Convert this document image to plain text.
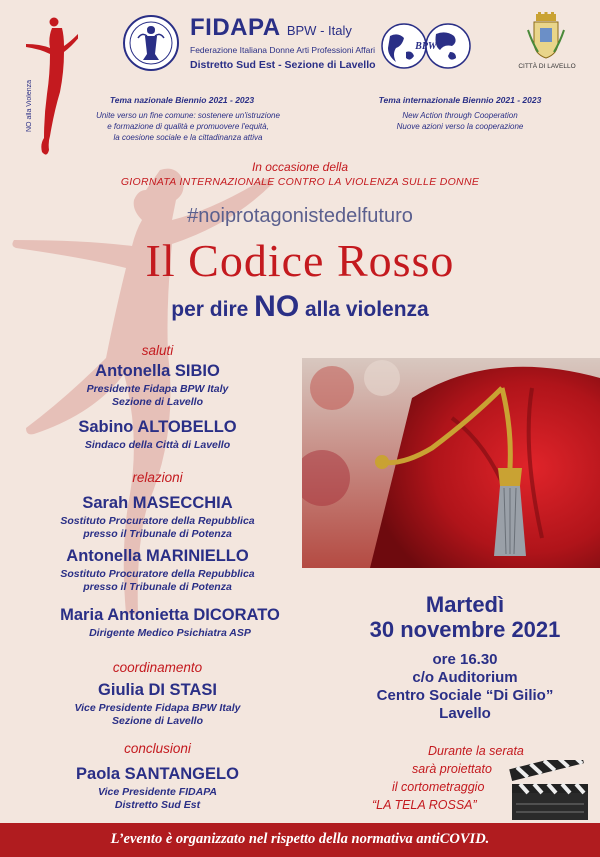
NO alla Violenza
FIDAPA BPW - Italy
Federazione Italiana Donne Arti Professioni Affari
Distretto Sud Est - Sezione di Lavello
BPW
CITTÀ DI LAVELLO
Tema nazionale Biennio 2021 - 2023
Unite verso un fine comune: sostenere un'istruzione
e formazione di qualità e promuovere l'equità,
la coesione sociale e la cittadinanza attiva
Tema internazionale Biennio 2021 - 2023
New Action through Cooperation
Nuove azioni verso la cooperazione
In occasione della
GIORNATA INTERNAZIONALE CONTRO LA VIOLENZA SULLE DONNE
#noiprotagonistedelfuturo
Il Codice Rosso
per dire NO alla violenza
saluti
Antonella SIBIO
Presidente Fidapa BPW Italy
Sezione di Lavello
Sabino ALTOBELLO
Sindaco della Città di Lavello
relazioni
Sarah MASECCHIA
Sostituto Procuratore della Repubblica
presso il Tribunale di Potenza
Antonella MARINIELLO
Sostituto Procuratore della Repubblica
presso il Tribunale di Potenza
Maria Antonietta DICORATO
Dirigente Medico Psichiatra ASP
coordinamento
Giulia DI STASI
Vice Presidente Fidapa BPW Italy
Sezione di Lavello
conclusioni
Paola SANTANGELO
Vice Presidente FIDAPA
Distretto Sud Est
Martedì
30 novembre 2021
ore 16.30
c/o Auditorium
Centro Sociale “Di Gilio”
Lavello
Durante la serata
sarà proiettato
il cortometraggio
“LA TELA ROSSA”
L’evento è organizzato nel rispetto della normativa antiCOVID.
